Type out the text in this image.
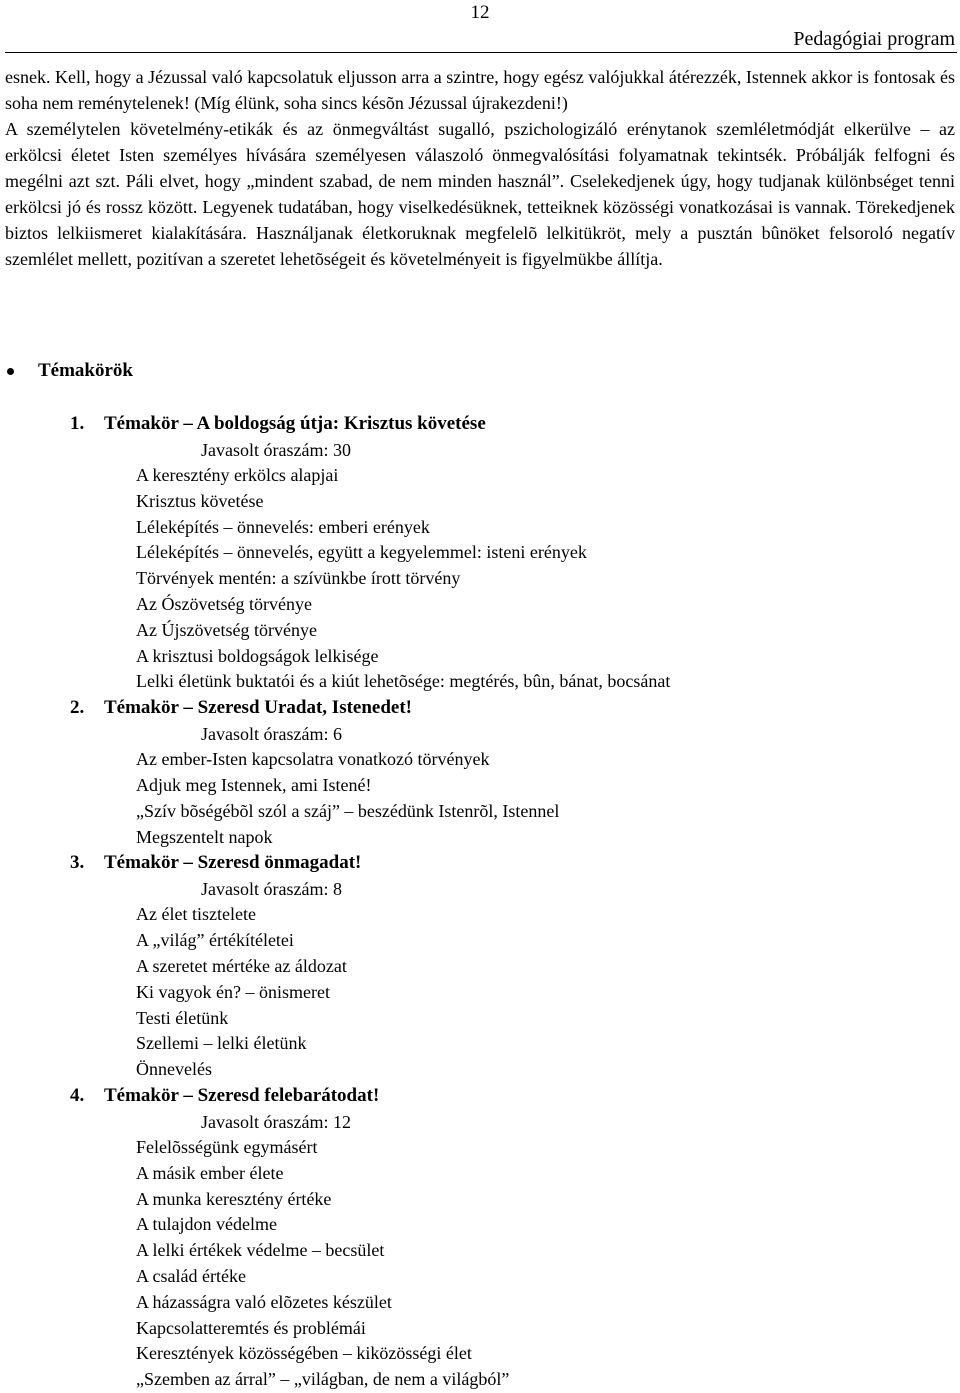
12
Pedagógiai program

esnek. Kell, hogy a Jézussal való kapcsolatuk eljusson arra a szintre, hogy egész valójukkal átérezzék, Istennek akkor is fontosak és soha nem reménytelenek! (Míg élünk, soha sincs késõn Jézussal újrakezdeni!)

A személytelen követelmény-etikák és az önmegváltást sugalló, pszichologizáló erénytanok szemléletmódját elkerülve – az erkölcsi életet Isten személyes hívására személyesen válaszoló önmegvalósítási folyamatnak tekintsék. Próbálják felfogni és megélni azt szt. Páli elvet, hogy „mindent szabad, de nem minden használ”. Cselekedjenek úgy, hogy tudjanak különbséget tenni erkölcsi jó és rossz között. Legyenek tudatában, hogy viselkedésüknek, tetteiknek közösségi vonatkozásai is vannak. Törekedjenek biztos lelkiismeret kialakítására. Használjanak életkoruknak megfelelõ lelkitükröt, mely a pusztán bûnöket felsoroló negatív szemlélet mellett, pozitívan a szeretet lehetõségeit és követelményeit is figyelmükbe állítja.

Témakörök
1. Témakör – A boldogság útja: Krisztus követése
Javasolt óraszám: 30
A keresztény erkölcs alapjai
Krisztus követése
Léleképítés – önnevelés: emberi erények
Léleképítés – önnevelés, együtt a kegyelemmel: isteni erények
Törvények mentén: a szívünkbe írott törvény
Az Ószövetség törvénye
Az Újszövetség törvénye
A krisztusi boldogságok lelkisége
Lelki életünk buktatói és a kiút lehetõsége: megtérés, bûn, bánat, bocsánat
2. Témakör – Szeresd Uradat, Istenedet!
Javasolt óraszám: 6
Az ember-Isten kapcsolatra vonatkozó törvények
Adjuk meg Istennek, ami Istené!
„Szív bõségébõl szól a száj” – beszédünk Istenrõl, Istennel
Megszentelt napok
3. Témakör – Szeresd önmagadat!
Javasolt óraszám: 8
Az élet tisztelete
A „világ” értékítéletei
A szeretet mértéke az áldozat
Ki vagyok én? – önismeret
Testi életünk
Szellemi – lelki életünk
Önnevelés
4. Témakör – Szeresd felebarátodat!
Javasolt óraszám: 12
Felelõsségünk egymásért
A másik ember élete
A munka keresztény értéke
A tulajdon védelme
A lelki értékek védelme – becsület
A család értéke
A házasságra való elõzetes készület
Kapcsolatteremtés és problémái
Keresztények közösségében – kiközösségi élet
„Szemben az árral” – „világban, de nem a világból”
